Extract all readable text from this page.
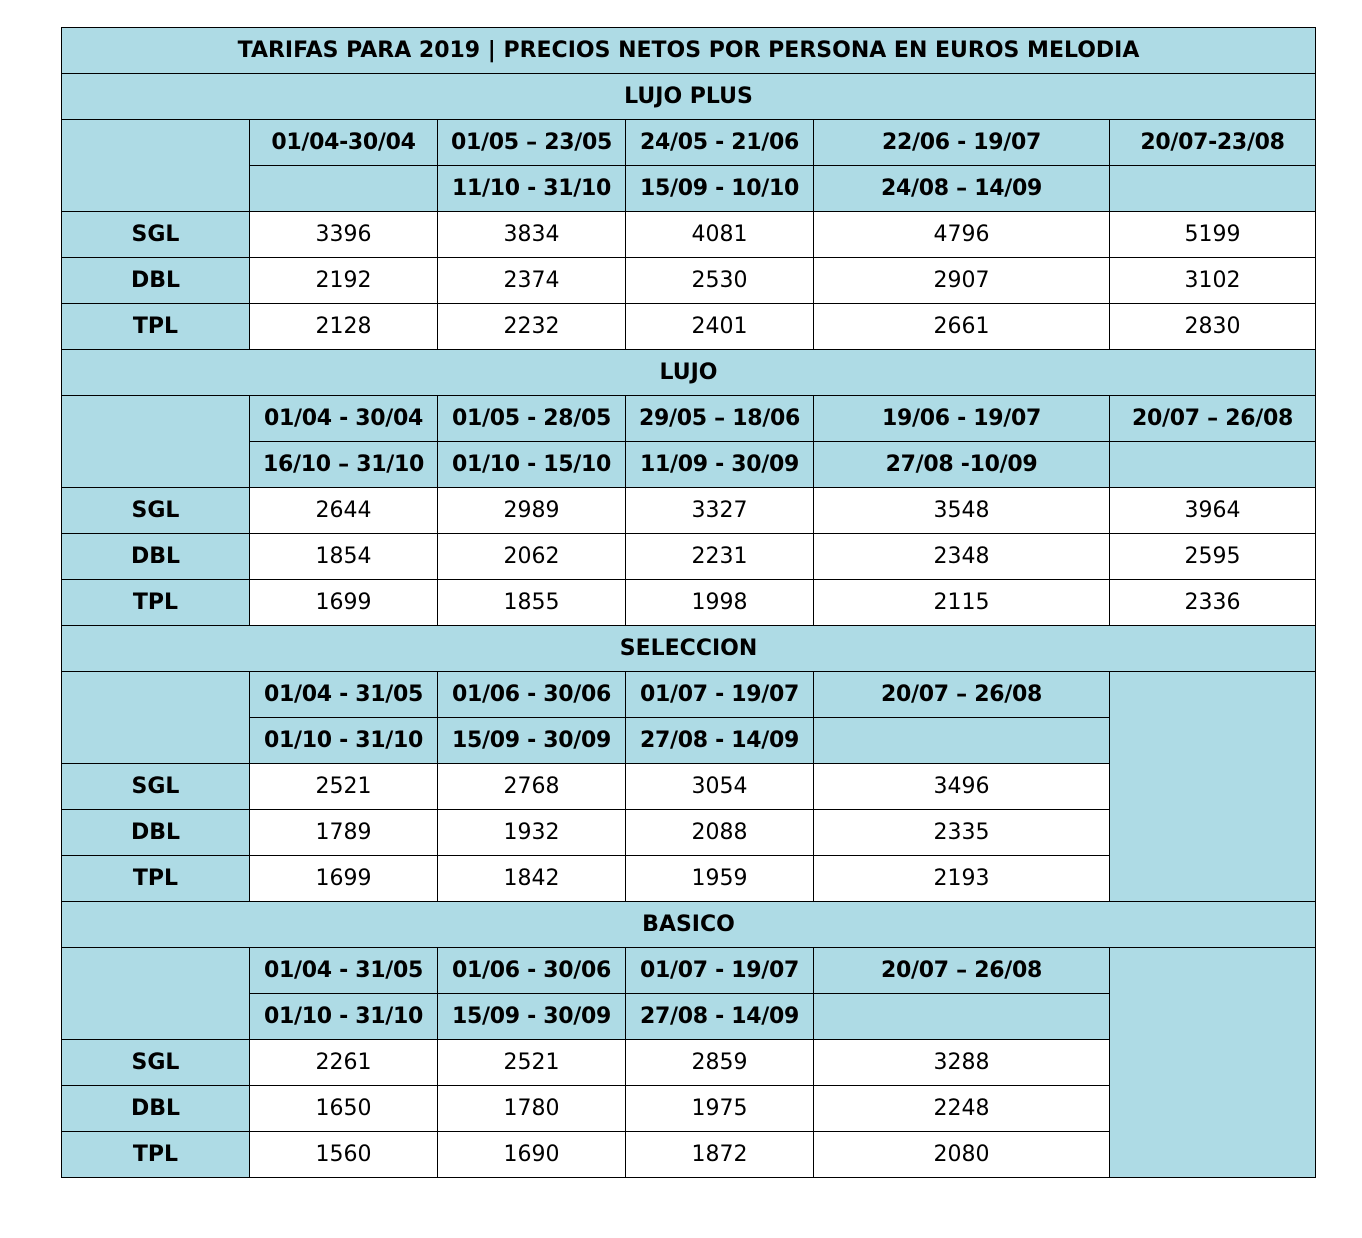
TARIFAS PARA 2019 | PRECIOS NETOS POR PERSONA EN EUROS MELODIA					
LUJO PLUS					
	01/04-30/04	01/05 – 23/05	24/05 - 21/06	22/06 - 19/07	20/07-23/08
		11/10 - 31/10	15/09 - 10/10	24/08 – 14/09	
SGL	3396	3834	4081	4796	5199
DBL	2192	2374	2530	2907	3102
TPL	2128	2232	2401	2661	2830
LUJO					
	01/04 - 30/04	01/05 - 28/05	29/05 – 18/06	19/06 - 19/07	20/07 – 26/08
	16/10 – 31/10	01/10 - 15/10	11/09 - 30/09	27/08 -10/09	
SGL	2644	2989	3327	3548	3964
DBL	1854	2062	2231	2348	2595
TPL	1699	1855	1998	2115	2336
SELECCION					
	01/04 - 31/05	01/06 - 30/06	01/07 - 19/07	20/07 – 26/08	
	01/10 - 31/10	15/09 - 30/09	27/08 - 14/09		
SGL	2521	2768	3054	3496	
DBL	1789	1932	2088	2335	
TPL	1699	1842	1959	2193	
BASICO					
	01/04 - 31/05	01/06 - 30/06	01/07 - 19/07	20/07 – 26/08	
	01/10 - 31/10	15/09 - 30/09	27/08 - 14/09		
SGL	2261	2521	2859	3288	
DBL	1650	1780	1975	2248	
TPL	1560	1690	1872	2080	
